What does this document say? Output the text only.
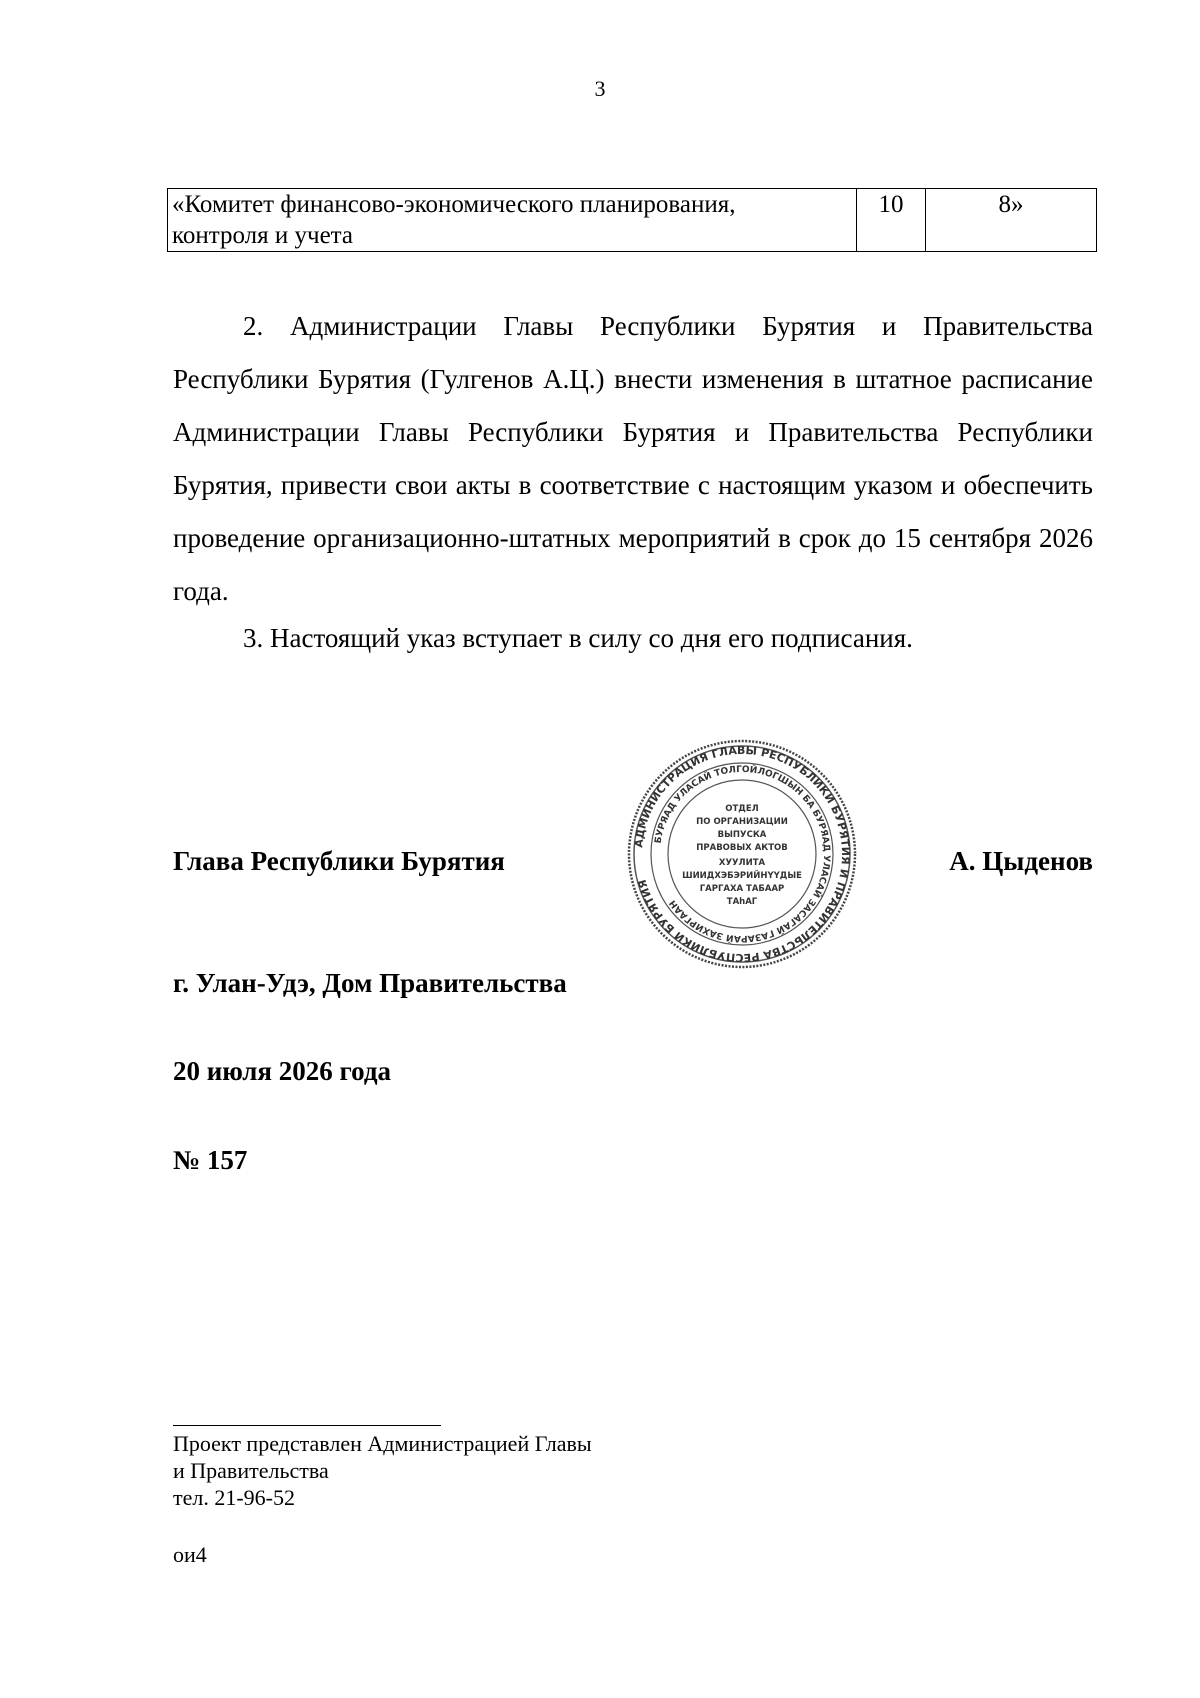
3
«Комитет финансово-экономического планирования,
контроля и учета
	10	8»
2. Администрации Главы Республики Бурятия и Правительства Республики Бурятия (Гулгенов А.Ц.) внести изменения в штатное расписание Администрации Главы Республики Бурятия и Правительства Республики Бурятия, привести свои акты в соответствие с настоящим указом и обеспечить проведение организационно-штатных мероприятий в срок до 15 сентября 2026 года.
3. Настоящий указ вступает в силу со дня его подписания.
Глава Республики Бурятия	А. Цыденов
АДМИНИСТРАЦИЯ ГЛАВЫ РЕСПУБЛИКИ БУРЯТИЯ И ПРАВИТЕЛЬСТВА РЕСПУБЛИКИ БУРЯТИЯ
БУРЯАД УЛАСАЙ ТОЛГОЙЛОГШЫН БА БУРЯАД УЛАСАЙ ЗАСАГАЙ ГАЗАРАЙ ЗАХИРГААН
ОТДЕЛ
ПО ОРГАНИЗАЦИИ
ВЫПУСКА
ПРАВОВЫХ АКТОВ
ХУУЛИТА
ШИИДХЭБЭРИЙНҮҮДЫЕ
ГАРГАХА ТАБААР
ТАһАГ
г. Улан-Удэ, Дом Правительства
20 июля 2026 года
№ 157
Проект представлен Администрацией Главы
и Правительства
тел. 21-96-52
ои4
